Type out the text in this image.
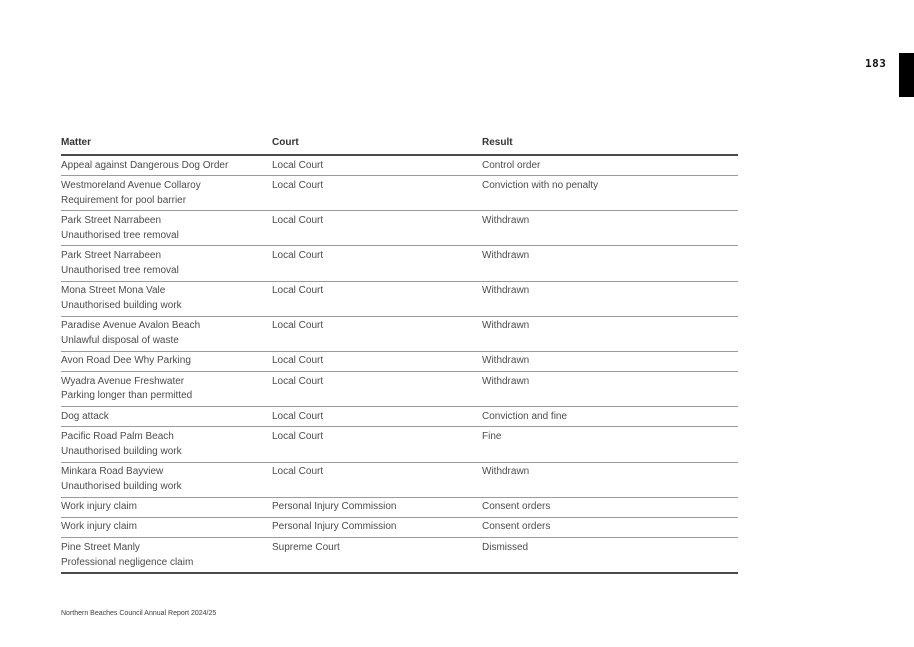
183
Matter	Court	Result

Appeal against Dangerous Dog Order	Local Court	Control order

Westmoreland Avenue Collaroy
Requirement for pool barrier	Local Court	Conviction with no penalty

Park Street Narrabeen
Unauthorised tree removal	Local Court	Withdrawn

Park Street Narrabeen
Unauthorised tree removal	Local Court	Withdrawn

Mona Street Mona Vale
Unauthorised building work	Local Court	Withdrawn

Paradise Avenue Avalon Beach
Unlawful disposal of waste	Local Court	Withdrawn

Avon Road Dee Why Parking	Local Court	Withdrawn

Wyadra Avenue Freshwater
Parking longer than permitted	Local Court	Withdrawn

Dog attack	Local Court	Conviction and fine

Pacific Road Palm Beach
Unauthorised building work	Local Court	Fine

Minkara Road Bayview
Unauthorised building work	Local Court	Withdrawn

Work injury claim	Personal Injury Commission	Consent orders

Work injury claim	Personal Injury Commission	Consent orders

Pine Street Manly
Professional negligence claim	Supreme Court	Dismissed
Northern Beaches Council Annual Report 2024/25
